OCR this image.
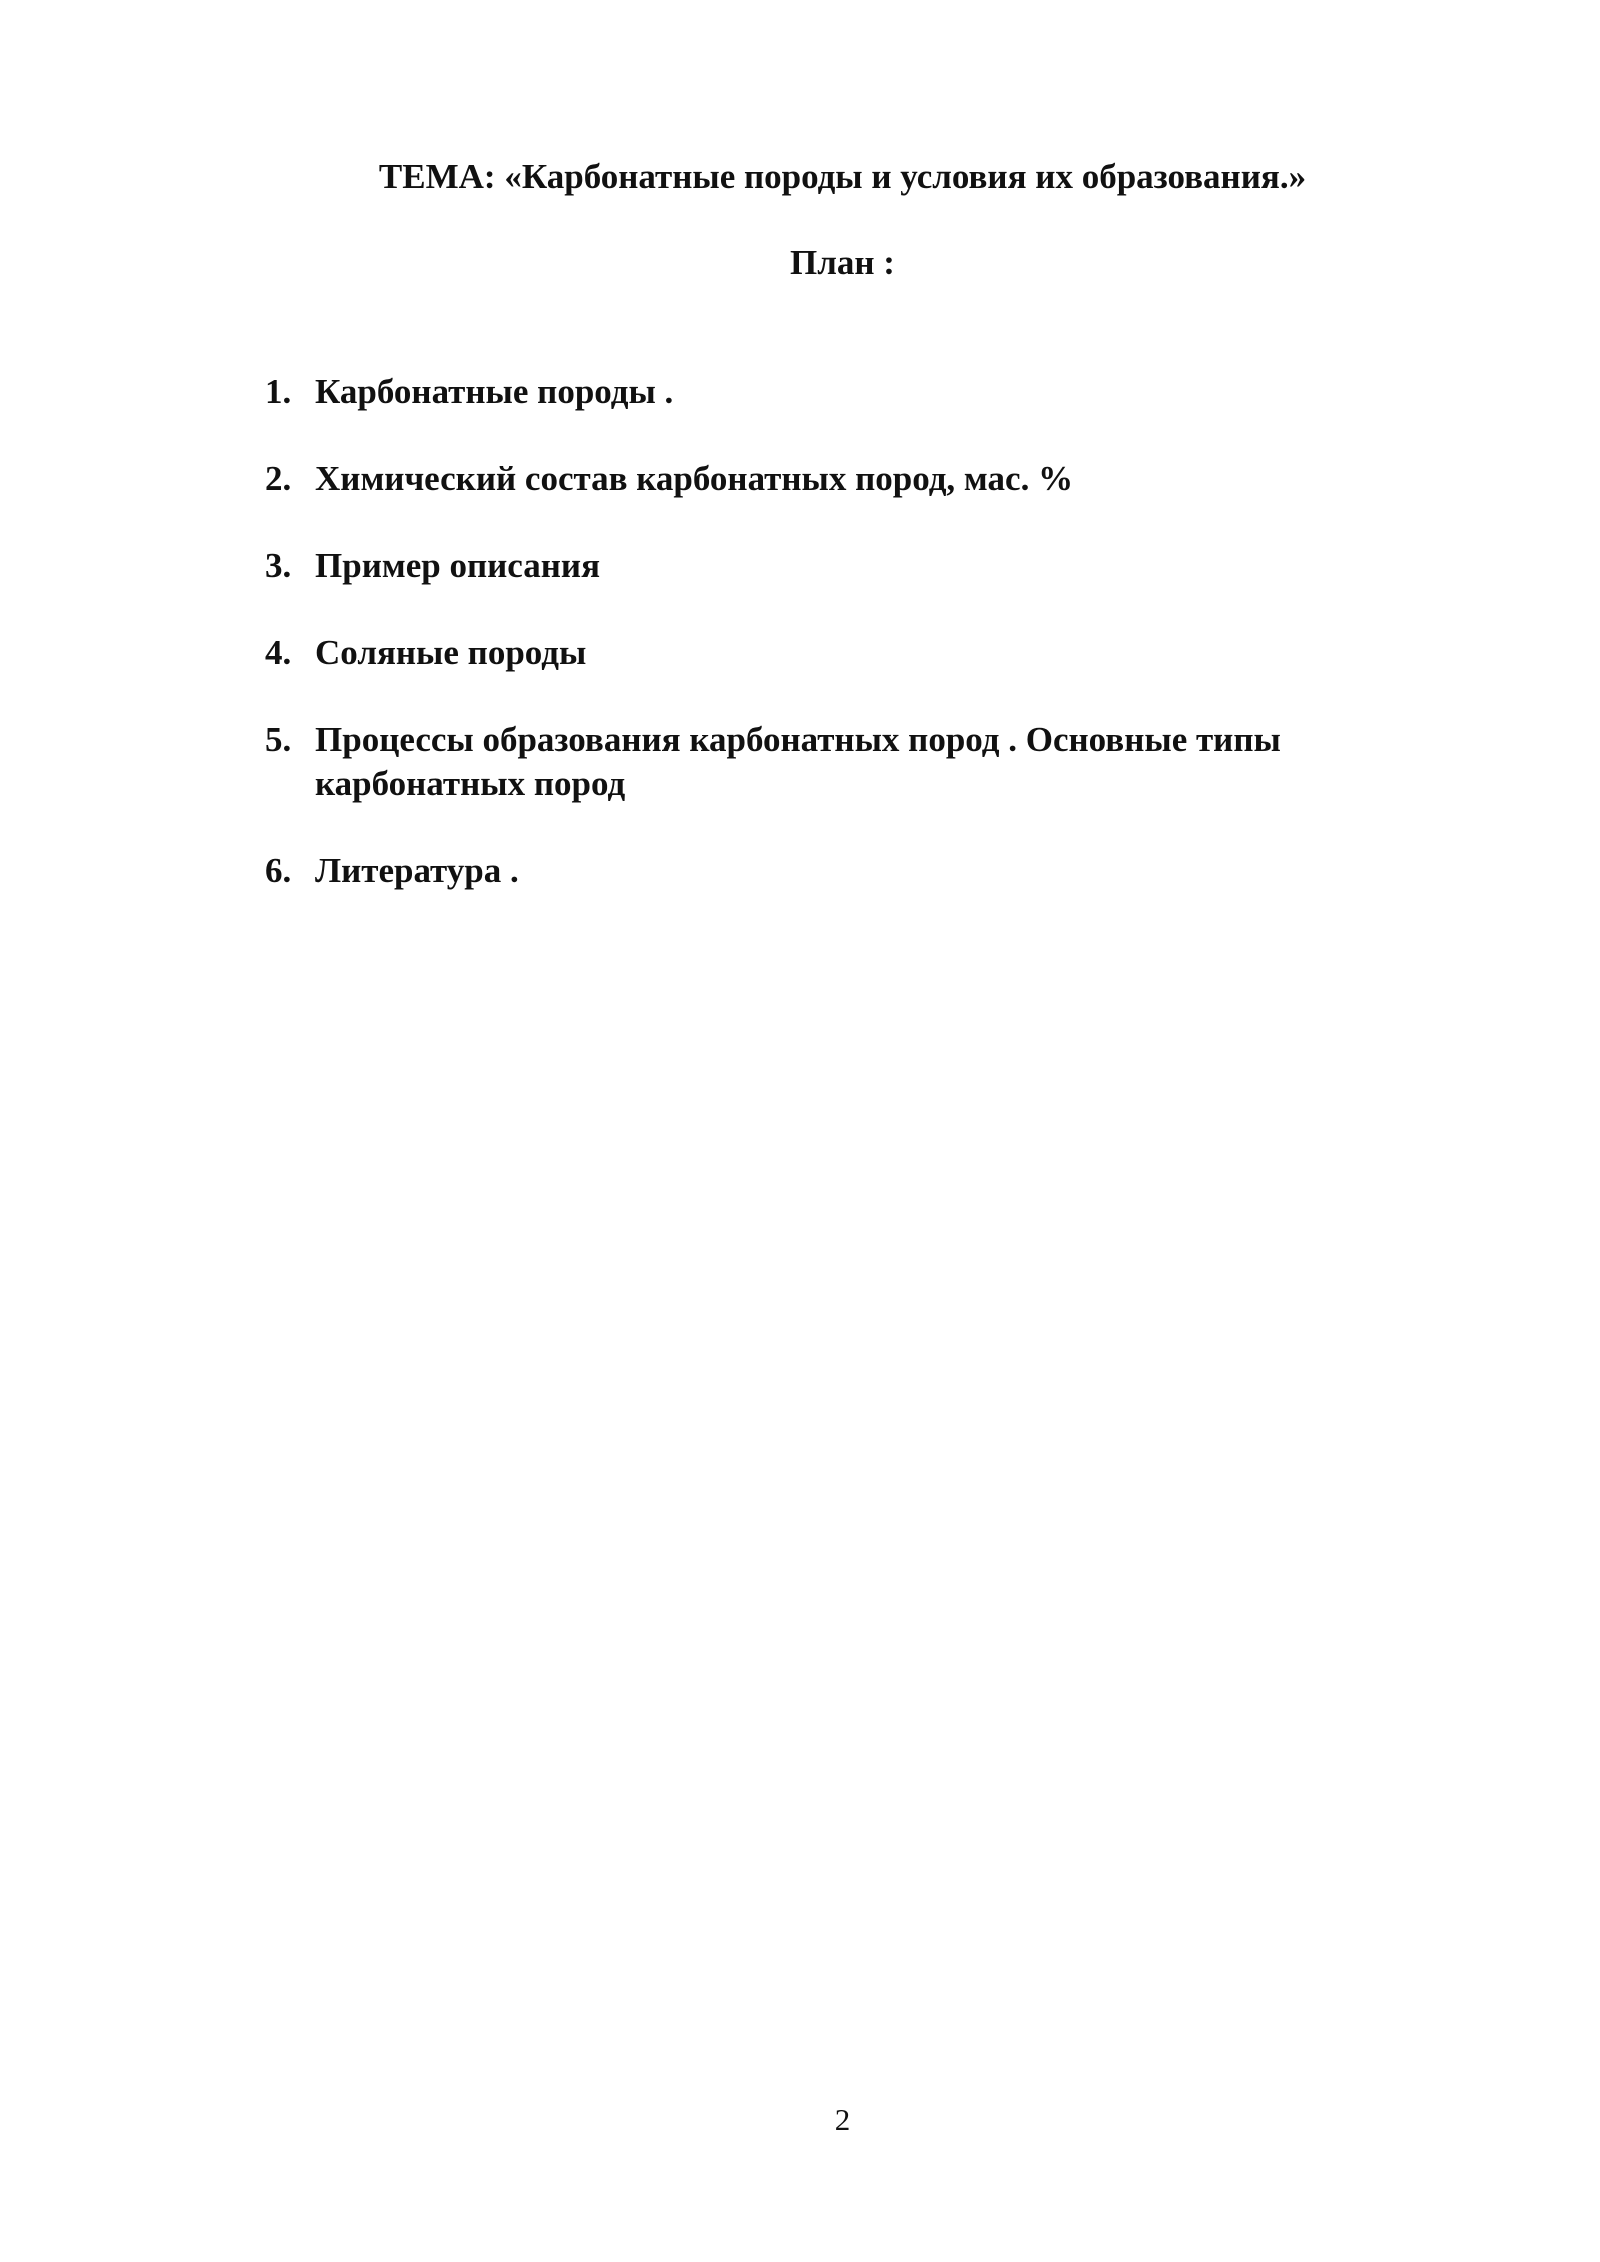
ТЕМА: «Карбонатные породы и условия их образования.»
План :
1. Карбонатные породы .
2. Химический состав карбонатных пород, мас. %
3. Пример описания
4. Соляные породы
5. Процессы образования карбонатных пород . Основные типы карбонатных пород
6. Литература .
2
